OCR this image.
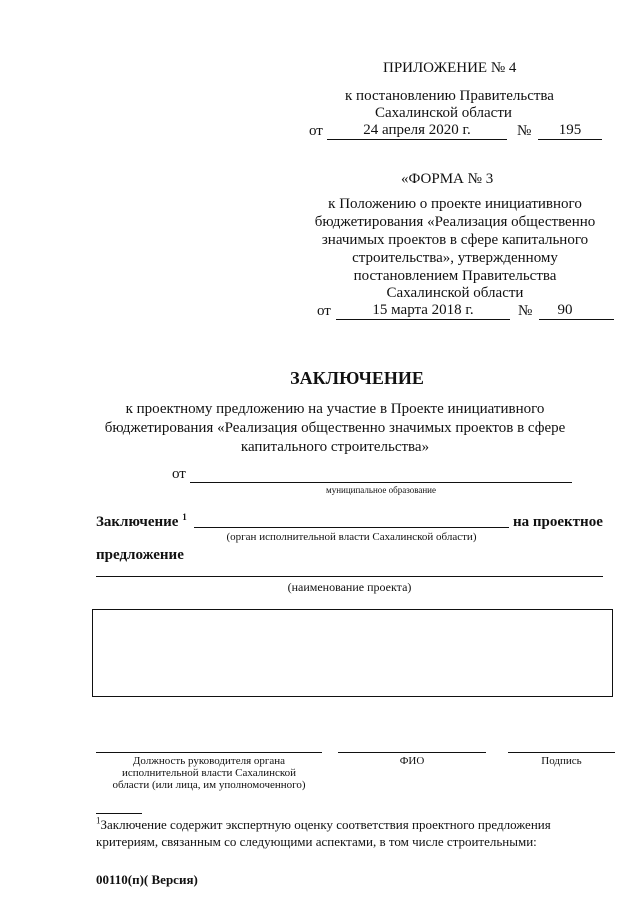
ПРИЛОЖЕНИЕ № 4
к постановлению Правительства
Сахалинской области
от	24 апреля 2020 г.	№	195
«ФОРМА № 3
к Положению о проекте инициативного
бюджетирования «Реализация общественно
значимых проектов в сфере капитального
строительства», утвержденному
постановлением Правительства
Сахалинской области
от	15 марта 2018 г.	№	90
ЗАКЛЮЧЕНИЕ
к проектному предложению на участие в Проекте инициативного
бюджетирования «Реализация общественно значимых проектов в сфере
капитального строительства»
от
муниципальное образование
Заключение $^1$	на проектное
(орган исполнительной власти Сахалинской области)
предложение
(наименование проекта)
Должность руководителя органа
исполнительной власти Сахалинской
области (или лица, им уполномоченного)
ФИО	Подпись
$^1$Заключение содержит экспертную оценку соответствия проектного предложения
критериям, связанным со следующими аспектами, в том числе строительными:
00110(п)( Версия)
